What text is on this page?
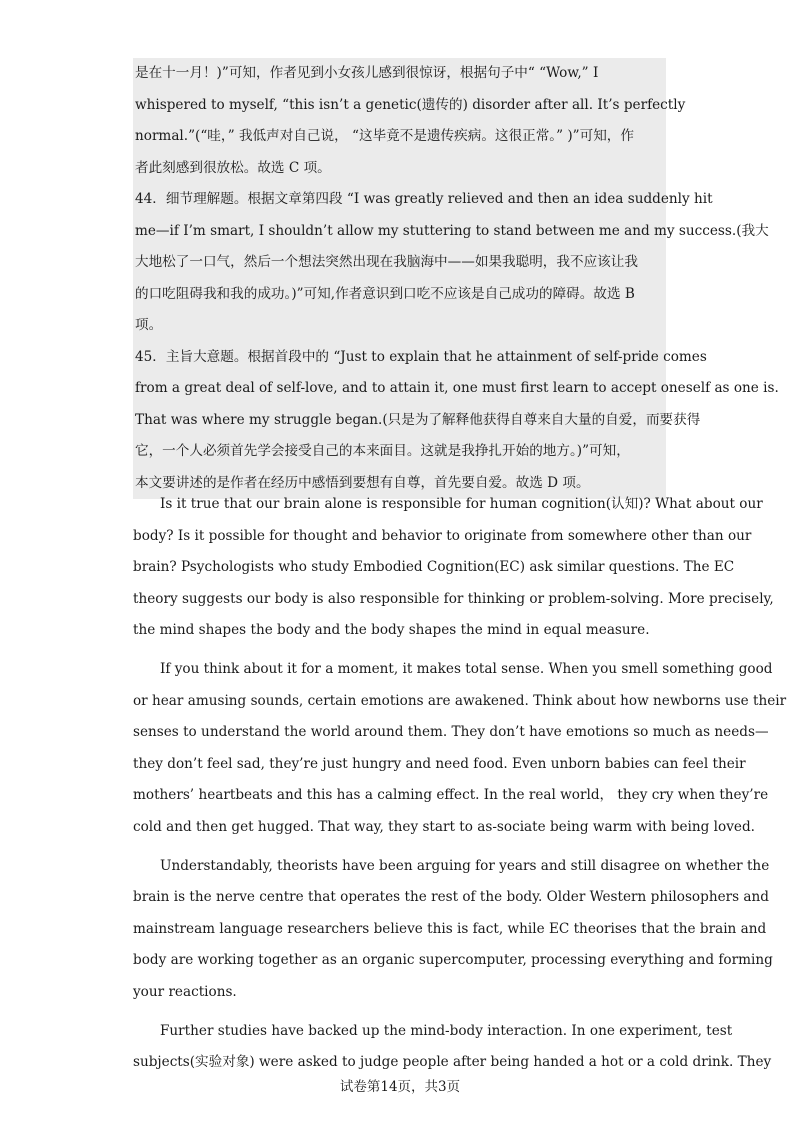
是在十一月！)”可知，作者见到小女孩儿感到很惊讶，根据句子中“ “Wow,” I
whispered to myself, “this isn’t a genetic(遗传的) disorder after all. It’s perfectly
normal.”(“哇，” 我低声对自己说， “这毕竟不是遗传疾病。这很正常。” )”可知，作
者此刻感到很放松。故选 C 项。
44．细节理解题。根据文章第四段 “I was greatly relieved and then an idea suddenly hit
me—if I’m smart, I shouldn’t allow my stuttering to stand between me and my success.(我大
大地松了一口气，然后一个想法突然出现在我脑海中——如果我聪明，我不应该让我
的口吃阻碍我和我的成功。)”可知,作者意识到口吃不应该是自己成功的障碍。故选 B
项。
45．主旨大意题。根据首段中的 “Just to explain that he attainment of self-pride comes
from a great deal of self-love, and to attain it, one must first learn to accept oneself as one is.
That was where my struggle began.(只是为了解释他获得自尊来自大量的自爱，而要获得
它，一个人必须首先学会接受自己的本来面目。这就是我挣扎开始的地方。)”可知，
本文要讲述的是作者在经历中感悟到要想有自尊，首先要自爱。故选 D 项。
Is it true that our brain alone is responsible for human cognition(认知)? What about our
body? Is it possible for thought and behavior to originate from somewhere other than our
brain? Psychologists who study Embodied Cognition(EC) ask similar questions. The EC
theory suggests our body is also responsible for thinking or problem-solving. More precisely,
the mind shapes the body and the body shapes the mind in equal measure.
If you think about it for a moment, it makes total sense. When you smell something good
or hear amusing sounds, certain emotions are awakened. Think about how newborns use their
senses to understand the world around them. They don’t have emotions so much as needs—
they don’t feel sad, they’re just hungry and need food. Even unborn babies can feel their
mothers’ heartbeats and this has a calming effect. In the real world， they cry when they’re
cold and then get hugged. That way, they start to as-sociate being warm with being loved.
Understandably, theorists have been arguing for years and still disagree on whether the
brain is the nerve centre that operates the rest of the body. Older Western philosophers and
mainstream language researchers believe this is fact, while EC theorises that the brain and
body are working together as an organic supercomputer, processing everything and forming
your reactions.
Further studies have backed up the mind-body interaction. In one experiment, test
subjects(实验对象) were asked to judge people after being handed a hot or a cold drink. They
试卷第14页，共3页
